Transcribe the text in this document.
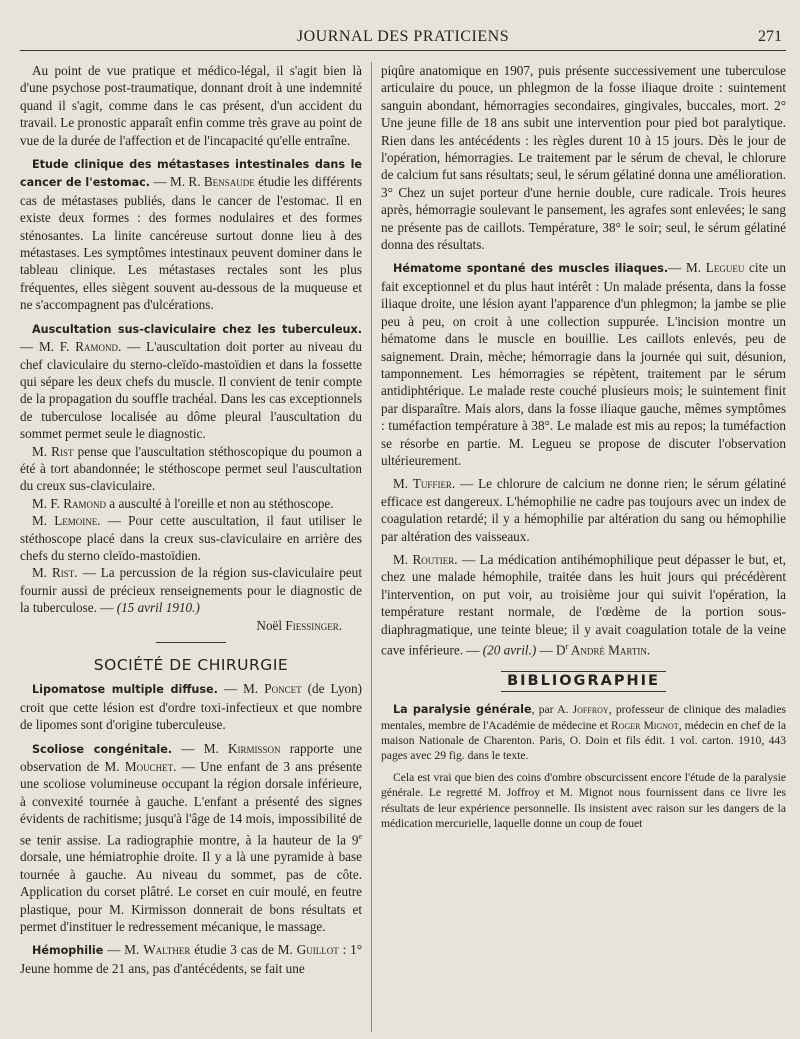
JOURNAL DES PRATICIENS	271

Au point de vue pratique et médico-légal, il s'agit bien là d'une psychose post-traumatique, donnant droit à une indemnité quand il s'agit, comme dans le cas présent, d'un accident du travail. Le pronostic apparaît enfin comme très grave au point de vue de la durée de l'affection et de l'incapacité qu'elle entraîne.

Etude clinique des métastases intestinales dans le cancer de l'estomac. — M. R. Bensaude étudie les différents cas de métastases publiés, dans le cancer de l'estomac. Il en existe deux formes : des formes nodulaires et des formes sténosantes. La linite cancéreuse surtout donne lieu à des métastases. Les symptômes intestinaux peuvent dominer dans le tableau clinique. Les métastases rectales sont les plus fréquentes, elles siègent souvent au-dessous de la muqueuse et ne s'accompagnent pas d'ulcérations.

Auscultation sus-claviculaire chez les tuberculeux. — M. F. Ramond. — L'auscultation doit porter au niveau du chef claviculaire du sterno-cleïdo-mastoïdien et dans la fossette qui sépare les deux chefs du muscle. Il convient de tenir compte de la propagation du souffle trachéal. Dans les cas exceptionnels de tuberculose localisée au dôme pleural l'auscultation du sommet permet seule le diagnostic.

M. Rist pense que l'auscultation stéthoscopique du poumon a été à tort abandonnée; le stéthoscope permet seul l'auscultation du creux sus-claviculaire.

M. F. Ramond a ausculté à l'oreille et non au stéthoscope.

M. Lemoine. — Pour cette auscultation, il faut utiliser le stéthoscope placé dans la creux sus-claviculaire en arrière des chefs du sterno cleïdo-mastoïdien.

M. Rist. — La percussion de la région sus-claviculaire peut fournir aussi de précieux renseignements pour le diagnostic de la tuberculose. — (15 avril 1910.)

Noël Fiessinger.

SOCIÉTÉ DE CHIRURGIE

Lipomatose multiple diffuse. — M. Poncet (de Lyon) croit que cette lésion est d'ordre toxi-infectieux et que nombre de lipomes sont d'origine tuberculeuse.

Scoliose congénitale. — M. Kirmisson rapporte une observation de M. Mouchet. — Une enfant de 3 ans présente une scoliose volumineuse occupant la région dorsale inférieure, à convexité tournée à gauche. L'enfant a présenté des signes évidents de rachitisme; jusqu'à l'âge de 14 mois, impossibilité de se tenir assise. La radiographie montre, à la hauteur de la 9e dorsale, une hémiatrophie droite. Il y a là une pyramide à base tournée à gauche. Au niveau du sommet, pas de côte. Application du corset plâtré. Le corset en cuir moulé, en feutre plastique, pour M. Kirmisson donnerait de bons résultats et permet d'instituer le redressement mécanique, le massage.

Hémophilie — M. Walther étudie 3 cas de M. Guillot : 1° Jeune homme de 21 ans, pas d'antécédents, se fait une

piqûre anatomique en 1907, puis présente successivement une tuberculose articulaire du pouce, un phlegmon de la fosse iliaque droite : suintement sanguin abondant, hémorragies secondaires, gingivales, buccales, mort. 2° Une jeune fille de 18 ans subit une intervention pour pied bot paralytique. Rien dans les antécédents : les règles durent 10 à 15 jours. Dès le jour de l'opération, hémorragies. Le traitement par le sérum de cheval, le chlorure de calcium fut sans résultats; seul, le sérum gélatiné donna une amélioration. 3° Chez un sujet porteur d'une hernie double, cure radicale. Trois heures après, hémorragie soulevant le pansement, les agrafes sont enlevées; le sang ne présente pas de caillots. Température, 38° le soir; seul, le sérum gélatiné donna des résultats.

Hématome spontané des muscles iliaques.— M. Legueu cite un fait exceptionnel et du plus haut intérêt : Un malade présenta, dans la fosse iliaque droite, une lésion ayant l'apparence d'un phlegmon; la jambe se plie peu à peu, on croit à une collection suppurée. L'incision montre un hématome dans le muscle en bouillie. Les caillots enlevés, peu de saignement. Drain, mèche; hémorragie dans la journée qui suit, désunion, tamponnement. Les hémorragies se répètent, traitement par le sérum antidiphtérique. Le malade reste couché plusieurs mois; le suintement finit par disparaître. Mais alors, dans la fosse iliaque gauche, mêmes symptômes : tuméfaction température à 38°. Le malade est mis au repos; la tuméfaction se résorbe en partie. M. Legueu se propose de discuter l'observation ultérieurement.

M. Tuffier. — Le chlorure de calcium ne donne rien; le sérum gélatiné efficace est dangereux. L'hémophilie ne cadre pas toujours avec un index de coagulation retardé; il y a hémophilie par altération du sang ou hémophilie par altération des vaisseaux.

M. Routier. — La médication antihémophilique peut dépasser le but, et, chez une malade hémophile, traitée dans les huit jours qui précédèrent l'intervention, on put voir, au troisième jour qui suivit l'opération, la température restant normale, de l'œdème de la portion sous-diaphragmatique, une teinte bleue; il y avait coagulation totale de la veine cave inférieure. — (20 avril.) — $D^r$ André Martin.

BIBLIOGRAPHIE

La paralysie générale, par A. Joffroy, professeur de clinique des maladies mentales, membre de l'Académie de médecine et Roger Mignot, médecin en chef de la maison Nationale de Charenton. Paris, O. Doin et fils édit. 1 vol. carton. 1910, 443 pages avec 29 fig. dans le texte.

Cela est vrai que bien des coins d'ombre obscurcissent encore l'étude de la paralysie générale. Le regretté M. Joffroy et M. Mignot nous fournissent dans ce livre les résultats de leur expérience personnelle. Ils insistent avec raison sur les dangers de la médication mercurielle, laquelle donne un coup de fouet
